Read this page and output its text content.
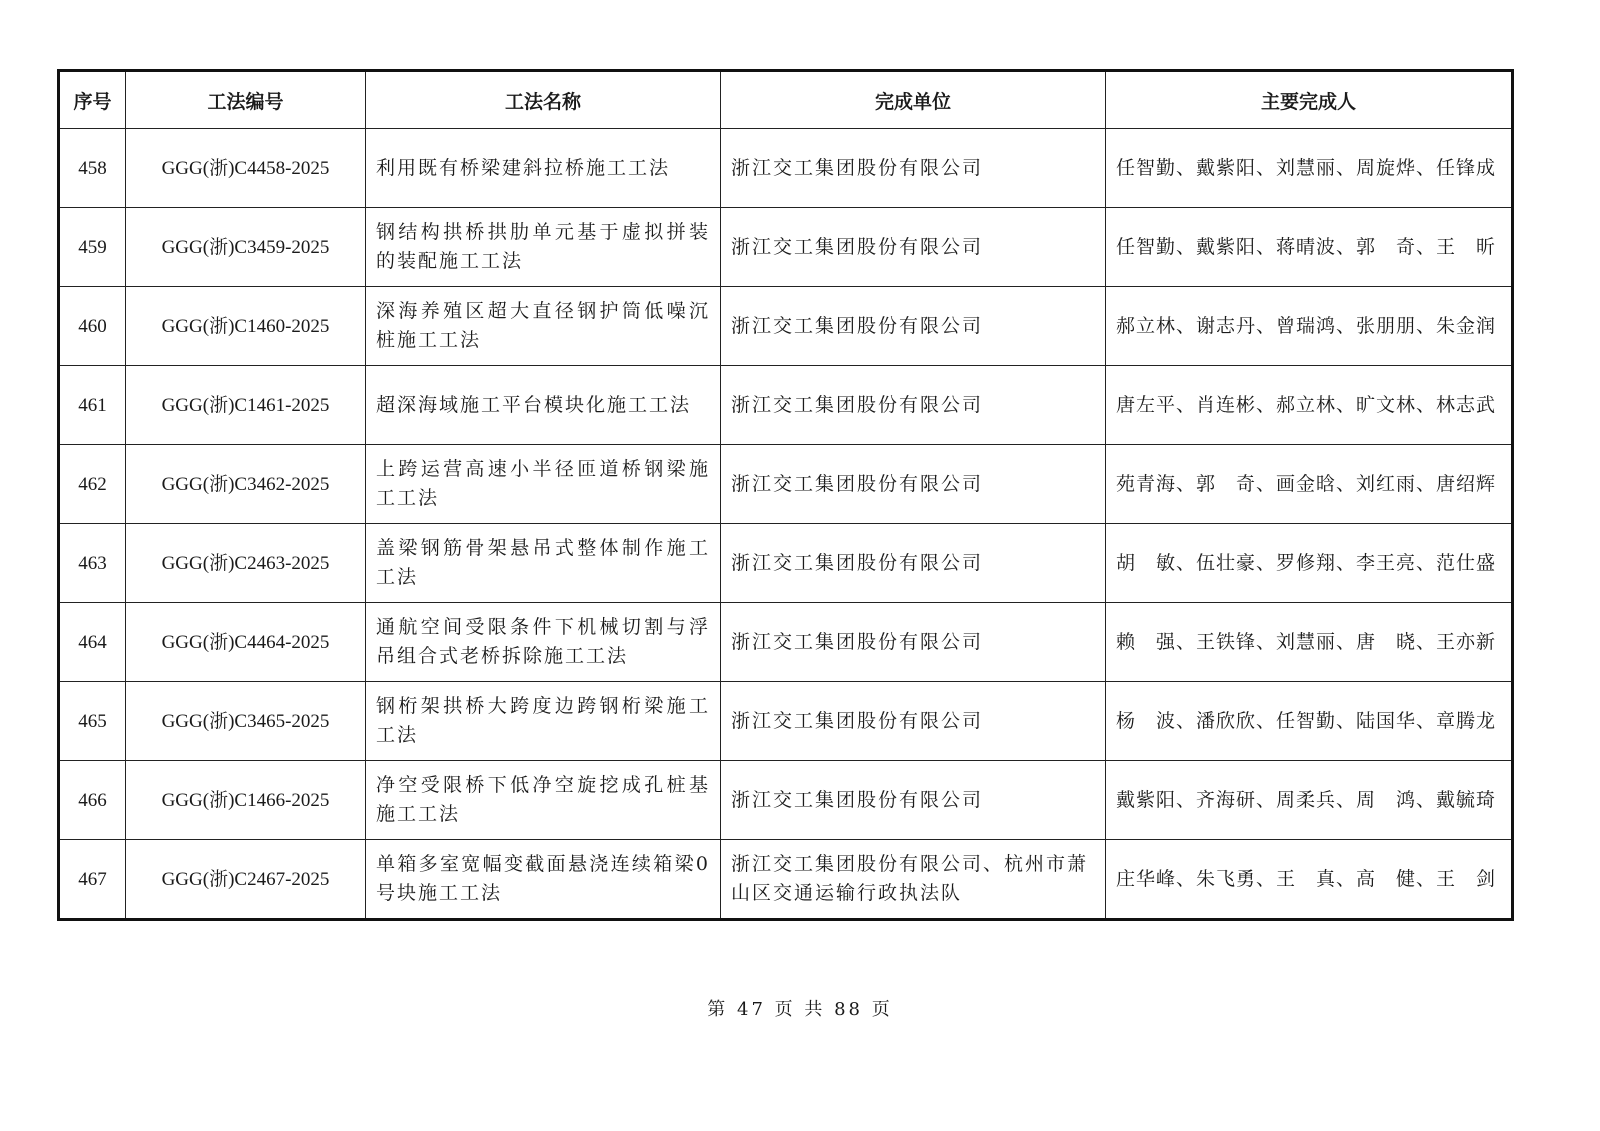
序号	工法编号	工法名称	完成单位	主要完成人
458	GGG(浙)C4458-2025	利用既有桥梁建斜拉桥施工工法	浙江交工集团股份有限公司	任智勤、戴紫阳、刘慧丽、周旋烨、任锋成
459	GGG(浙)C3459-2025	钢结构拱桥拱肋单元基于虚拟拼装的装配施工工法	浙江交工集团股份有限公司	任智勤、戴紫阳、蒋晴波、郭　奇、王　昕
460	GGG(浙)C1460-2025	深海养殖区超大直径钢护筒低噪沉桩施工工法	浙江交工集团股份有限公司	郝立林、谢志丹、曾瑞鸿、张朋朋、朱金润
461	GGG(浙)C1461-2025	超深海域施工平台模块化施工工法	浙江交工集团股份有限公司	唐左平、肖连彬、郝立林、旷文林、林志武
462	GGG(浙)C3462-2025	上跨运营高速小半径匝道桥钢梁施工工法	浙江交工集团股份有限公司	苑青海、郭　奇、画金晗、刘红雨、唐绍辉
463	GGG(浙)C2463-2025	盖梁钢筋骨架悬吊式整体制作施工工法	浙江交工集团股份有限公司	胡　敏、伍壮豪、罗修翔、李王亮、范仕盛
464	GGG(浙)C4464-2025	通航空间受限条件下机械切割与浮吊组合式老桥拆除施工工法	浙江交工集团股份有限公司	赖　强、王铁锋、刘慧丽、唐　晓、王亦新
465	GGG(浙)C3465-2025	钢桁架拱桥大跨度边跨钢桁梁施工工法	浙江交工集团股份有限公司	杨　波、潘欣欣、任智勤、陆国华、章腾龙
466	GGG(浙)C1466-2025	净空受限桥下低净空旋挖成孔桩基施工工法	浙江交工集团股份有限公司	戴紫阳、齐海研、周柔兵、周　鸿、戴毓琦
467	GGG(浙)C2467-2025	单箱多室宽幅变截面悬浇连续箱梁0号块施工工法	浙江交工集团股份有限公司、杭州市萧山区交通运输行政执法队	庄华峰、朱飞勇、王　真、高　健、王　剑
第 47 页 共 88 页
